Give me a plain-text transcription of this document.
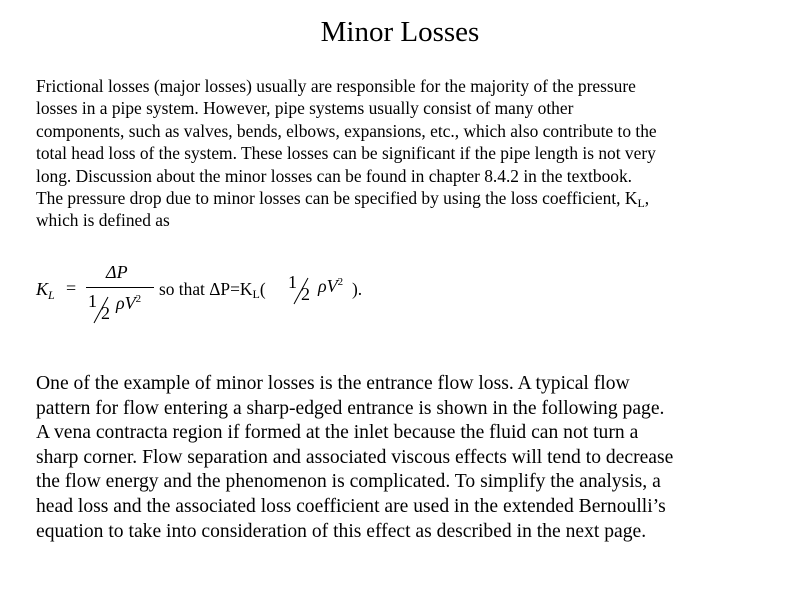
Minor Losses
Frictional losses (major losses) usually are responsible for the majority of the pressure
losses in a pipe system. However, pipe systems usually consist of many other
components, such as valves, bends, elbows, expansions, etc., which also contribute to the
total head loss of the system. These losses can be significant if the pipe length is not very
long. Discussion about the minor losses can be found in chapter 8.4.2 in the textbook.
The pressure drop due to minor losses can be specified by using the loss coefficient, $K_L$,
which is defined as
$K_L$ =
ΔP
1
2 $\rho V^2$ so that $\Delta P=K_L$( 1
2 $\rho V^2$ ).
One of the example of minor losses is the entrance flow loss. A typical flow
pattern for flow entering a sharp-edged entrance is shown in the following page.
A vena contracta region if formed at the inlet because the fluid can not turn a
sharp corner. Flow separation and associated viscous effects will tend to decrease
the flow energy and the phenomenon is complicated. To simplify the analysis, a
head loss and the associated loss coefficient are used in the extended Bernoulli’s
equation to take into consideration of this effect as described in the next page.
